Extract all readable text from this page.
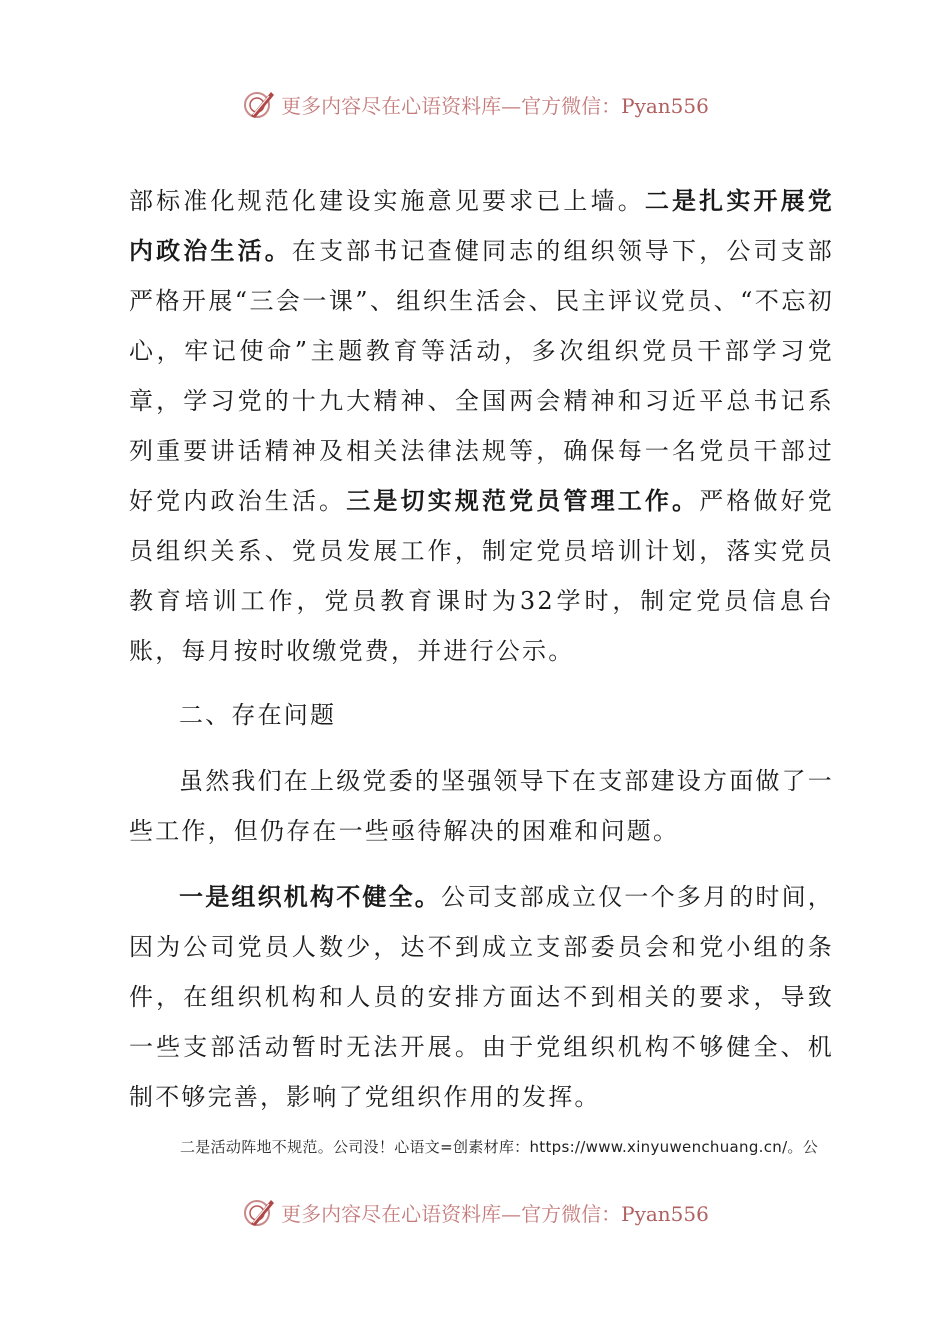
更多内容尽在心语资料库—官方微信：Pyan556

部标准化规范化建设实施意见要求已上墙。二是扎实开展党内政治生活。在支部书记查健同志的组织领导下，公司支部严格开展“三会一课”、组织生活会、民主评议党员、“不忘初心，牢记使命”主题教育等活动，多次组织党员干部学习党章，学习党的十九大精神、全国两会精神和习近平总书记系列重要讲话精神及相关法律法规等，确保每一名党员干部过好党内政治生活。三是切实规范党员管理工作。严格做好党员组织关系、党员发展工作，制定党员培训计划，落实党员教育培训工作，党员教育课时为32学时，制定党员信息台账，每月按时收缴党费，并进行公示。

二、存在问题

虽然我们在上级党委的坚强领导下在支部建设方面做了一些工作，但仍存在一些亟待解决的困难和问题。

一是组织机构不健全。公司支部成立仅一个多月的时间，因为公司党员人数少，达不到成立支部委员会和党小组的条件，在组织机构和人员的安排方面达不到相关的要求，导致一些支部活动暂时无法开展。由于党组织机构不够健全、机制不够完善，影响了党组织作用的发挥。

二是活动阵地不规范。公司没！心语文=创素材库：https://www.xinyuwenchuang.cn/。公
更多内容尽在心语资料库—官方微信：Pyan556
